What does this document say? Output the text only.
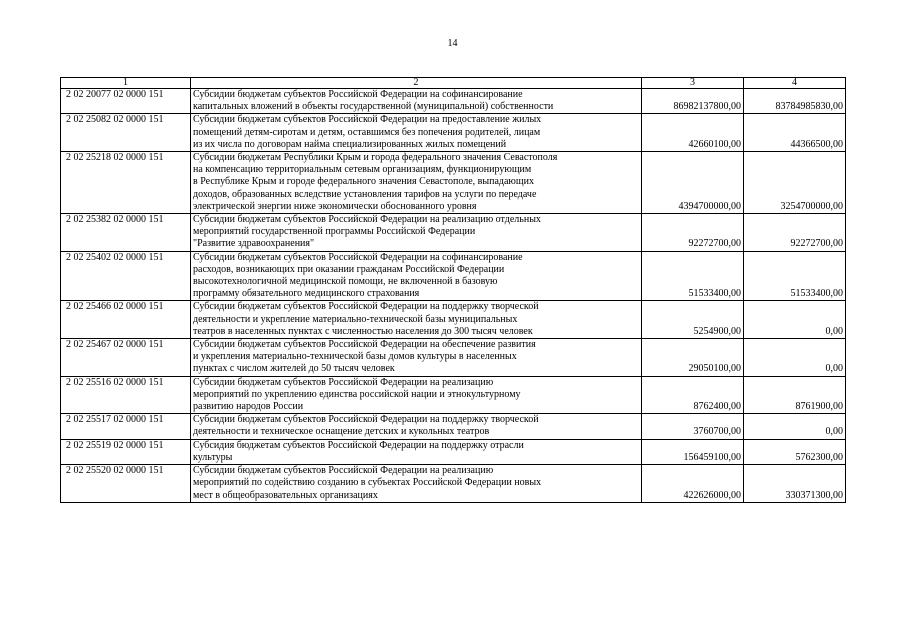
14
1	2	3	4
2 02 20077 02 0000 151	Субсидии бюджетам субъектов Российской Федерации на софинансирование
капитальных вложений в объекты государственной (муниципальной) собственности	86982137800,00	83784985830,00
2 02 25082 02 0000 151	Субсидии бюджетам субъектов Российской Федерации на предоставление жилых
помещений детям-сиротам и детям, оставшимся без попечения родителей, лицам
из их числа по договорам найма специализированных жилых помещений	42660100,00	44366500,00
2 02 25218 02 0000 151	Субсидии бюджетам Республики Крым и города федерального значения Севастополя
на компенсацию территориальным сетевым организациям, функционирующим
в Республике Крым и городе федерального значения Севастополе, выпадающих
доходов, образованных вследствие установления тарифов на услуги по передаче
электрической энергии ниже экономически обоснованного уровня	4394700000,00	3254700000,00
2 02 25382 02 0000 151	Субсидии бюджетам субъектов Российской Федерации на реализацию отдельных
мероприятий государственной программы Российской Федерации
"Развитие здравоохранения"	92272700,00	92272700,00
2 02 25402 02 0000 151	Субсидии бюджетам субъектов Российской Федерации на софинансирование
расходов, возникающих при оказании гражданам Российской Федерации
высокотехнологичной медицинской помощи, не включенной в базовую
программу обязательного медицинского страхования	51533400,00	51533400,00
2 02 25466 02 0000 151	Субсидии бюджетам субъектов Российской Федерации на поддержку творческой
деятельности и укрепление материально-технической базы муниципальных
театров в населенных пунктах с численностью населения до 300 тысяч человек	5254900,00	0,00
2 02 25467 02 0000 151	Субсидии бюджетам субъектов Российской Федерации на обеспечение развития
и укрепления материально-технической базы домов культуры в населенных
пунктах с числом жителей до 50 тысяч человек	29050100,00	0,00
2 02 25516 02 0000 151	Субсидии бюджетам субъектов Российской Федерации на реализацию
мероприятий по укреплению единства российской нации и этнокультурному
развитию народов России	8762400,00	8761900,00
2 02 25517 02 0000 151	Субсидии бюджетам субъектов Российской Федерации на поддержку творческой
деятельности и техническое оснащение детских и кукольных театров	3760700,00	0,00
2 02 25519 02 0000 151	Субсидия бюджетам субъектов Российской Федерации на поддержку отрасли
культуры	156459100,00	5762300,00
2 02 25520 02 0000 151	Субсидии бюджетам субъектов Российской Федерации на реализацию
мероприятий по содействию созданию в субъектах Российской Федерации новых
мест в общеобразовательных организациях	422626000,00	330371300,00
